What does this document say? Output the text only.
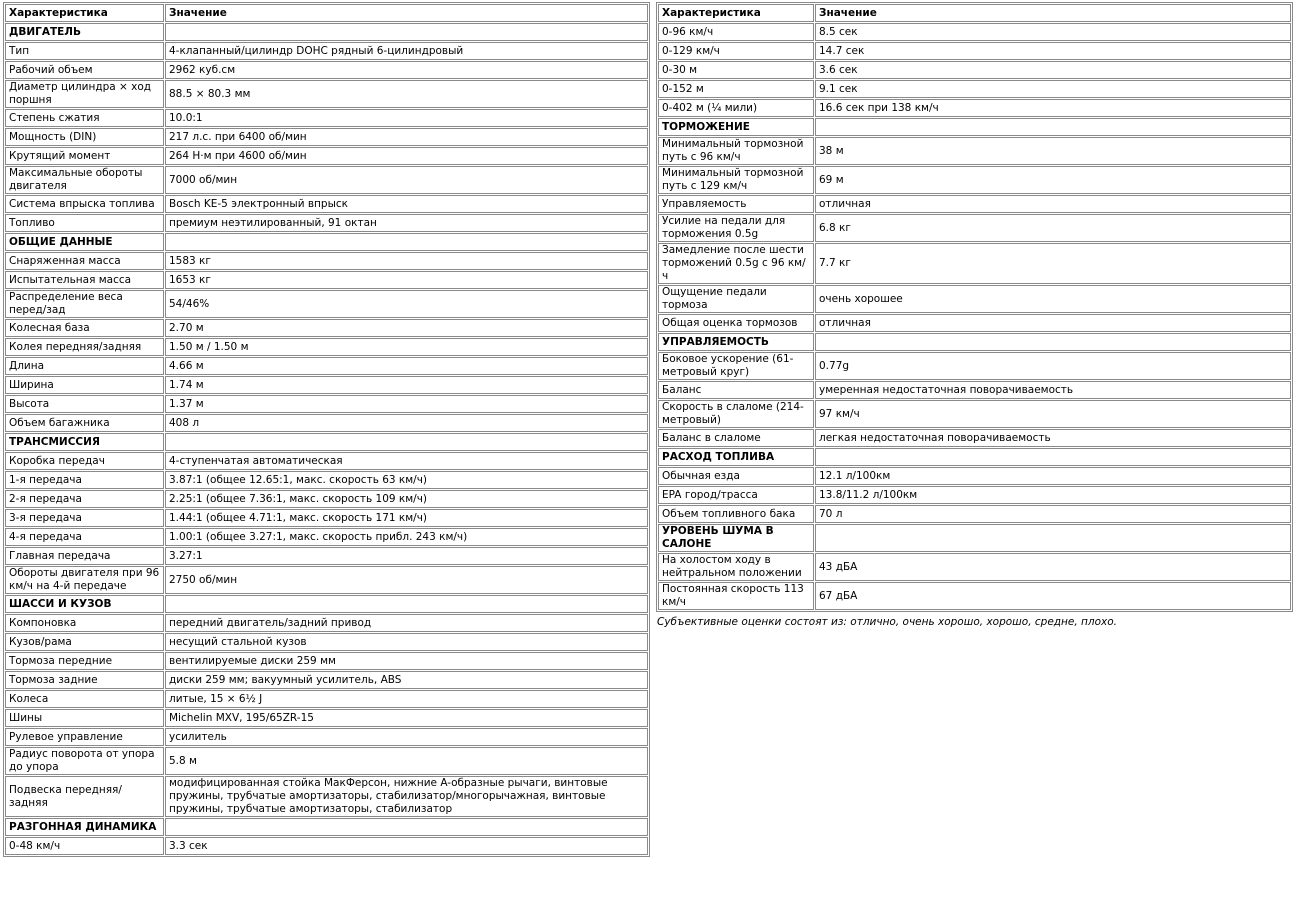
Характеристика	Значение
ДВИГАТЕЛЬ	
Тип	4-клапанный/цилиндр DOHC рядный 6-цилиндровый
Рабочий объем	2962 куб.см
Диаметр цилиндра × ход поршня	88.5 × 80.3 мм
Степень сжатия	10.0:1
Мощность (DIN)	217 л.с. при 6400 об/мин
Крутящий момент	264 Н·м при 4600 об/мин
Максимальные обороты двигателя	7000 об/мин
Система впрыска топлива	Bosch KE-5 электронный впрыск
Топливо	премиум неэтилированный, 91 октан
ОБЩИЕ ДАННЫЕ	
Снаряженная масса	1583 кг
Испытательная масса	1653 кг
Распределение веса перед/зад	54/46%
Колесная база	2.70 м
Колея передняя/задняя	1.50 м / 1.50 м
Длина	4.66 м
Ширина	1.74 м
Высота	1.37 м
Объем багажника	408 л
ТРАНСМИССИЯ	
Коробка передач	4-ступенчатая автоматическая
1-я передача	3.87:1 (общее 12.65:1, макс. скорость 63 км/ч)
2-я передача	2.25:1 (общее 7.36:1, макс. скорость 109 км/ч)
3-я передача	1.44:1 (общее 4.71:1, макс. скорость 171 км/ч)
4-я передача	1.00:1 (общее 3.27:1, макс. скорость прибл. 243 км/ч)
Главная передача	3.27:1
Обороты двигателя при 96 км/ч на 4-й передаче	2750 об/мин
ШАССИ И КУЗОВ	
Компоновка	передний двигатель/задний привод
Кузов/рама	несущий стальной кузов
Тормоза передние	вентилируемые диски 259 мм
Тормоза задние	диски 259 мм; вакуумный усилитель, ABS
Колеса	литые, 15 × 6½ J
Шины	Michelin MXV, 195/65ZR-15
Рулевое управление	усилитель
Радиус поворота от упора до упора	5.8 м
Подвеска передняя/задняя	модифицированная стойка МакФерсон, нижние A-образные рычаги, винтовые пружины, трубчатые амортизаторы, стабилизатор/многорычажная, винтовые пружины, трубчатые амортизаторы, стабилизатор
РАЗГОННАЯ ДИНАМИКА	
0-48 км/ч	3.3 сек
Характеристика	Значение
0-96 км/ч	8.5 сек
0-129 км/ч	14.7 сек
0-30 м	3.6 сек
0-152 м	9.1 сек
0-402 м (¼ мили)	16.6 сек при 138 км/ч
ТОРМОЖЕНИЕ	
Минимальный тормозной путь с 96 км/ч	38 м
Минимальный тормозной путь с 129 км/ч	69 м
Управляемость	отличная
Усилие на педали для торможения 0.5g	6.8 кг
Замедление после шести торможений 0.5g с 96 км/ч	7.7 кг
Ощущение педали тормоза	очень хорошее
Общая оценка тормозов	отличная
УПРАВЛЯЕМОСТЬ	
Боковое ускорение (61-метровый круг)	0.77g
Баланс	умеренная недостаточная поворачиваемость
Скорость в слаломе (214-метровый)	97 км/ч
Баланс в слаломе	легкая недостаточная поворачиваемость
РАСХОД ТОПЛИВА	
Обычная езда	12.1 л/100км
EPA город/трасса	13.8/11.2 л/100км
Объем топливного бака	70 л
УРОВЕНЬ ШУМА В САЛОНЕ	
На холостом ходу в нейтральном положении	43 дБА
Постоянная скорость 113 км/ч	67 дБА
Субъективные оценки состоят из: отлично, очень хорошо, хорошо, средне, плохо.
